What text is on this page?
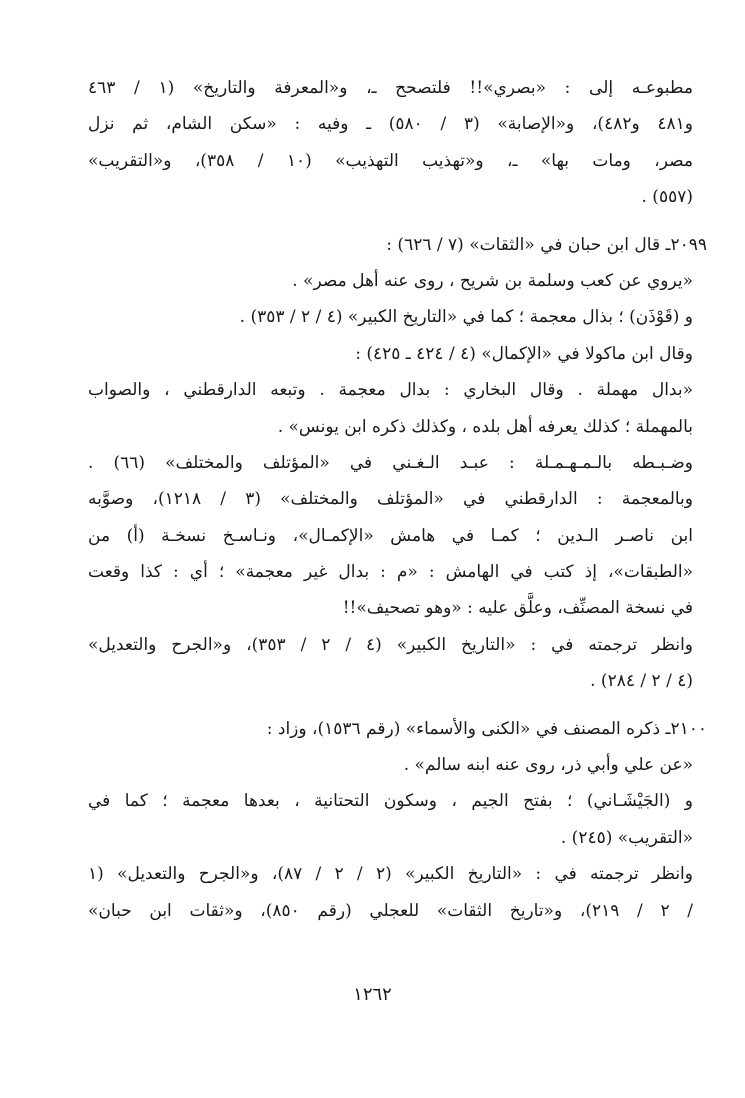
مطبوعـه إلى : «بصري»!! فلتصحح ـ، و«المعرفة والتاريخ» (١ / ٤٦٣
و٤٨١ و٤٨٢)، و«الإصابة» (٣ / ٥٨٠) ـ وفيه : «سكن الشام، ثم نزل
مصر، ومات بها» ـ، و«تهذيب التهذيب» (١٠ / ٣٥٨)، و«التقريب»
(٥٥٧) .
٢٠٩٩ـ قال ابن حبان في «الثقات» (٧ / ٦٢٦) :
«يروي عن كعب وسلمة بن شريح ، روى عنه أهل مصر» .
و (قَوْذَن) ؛ بذال معجمة ؛ كما في «التاريخ الكبير» (٤ / ٢ / ٣٥٣) .
وقال ابن ماكولا في «الإكمال» (٤ / ٤٢٤ ـ ٤٢٥) :
«بدال مهملة . وقال البخاري : بدال معجمة . وتبعه الدارقطني ، والصواب
بالمهملة ؛ كذلك يعرفه أهل بلده ، وكذلك ذكره ابن يونس» .
وضـبـطه بالـمـهـمـلة : عبـد الـغـني في «المؤتلف والمختلف» (٦٦) .
وبالمعجمة : الدارقطني في «المؤتلف والمختلف» (٣ / ١٢١٨)، وصوَّبه
ابن ناصـر الـدين ؛ كمـا في هامش «الإكمـال»، ونـاسـخ نسخـة (أ) من
«الطبقات»، إذ كتب في الهامش : «م : بدال غير معجمة» ؛ أي : كذا وقعت
في نسخة المصنِّف، وعلَّق عليه : «وهو تصحيف»!!
وانظر ترجمته في : «التاريخ الكبير» (٤ / ٢ / ٣٥٣)، و«الجرح والتعديل»
(٤ / ٢ / ٢٨٤) .
٢١٠٠ـ ذكره المصنف في «الكنى والأسماء» (رقم ١٥٣٦)، وزاد :
«عن علي وأبي ذر، روى عنه ابنه سالم» .
و (الجَيْشَـاني) ؛ بفتح الجيم ، وسكون التحتانية ، بعدها معجمة ؛ كما في
«التقريب» (٢٤٥) .
وانظر ترجمته في : «التاريخ الكبير» (٢ / ٢ / ٨٧)، و«الجرح والتعديل» (١
/ ٢ / ٢١٩)، و«تاريخ الثقات» للعجلي (رقم ٨٥٠)، و«ثقات ابن حبان»
١٢٦٢
